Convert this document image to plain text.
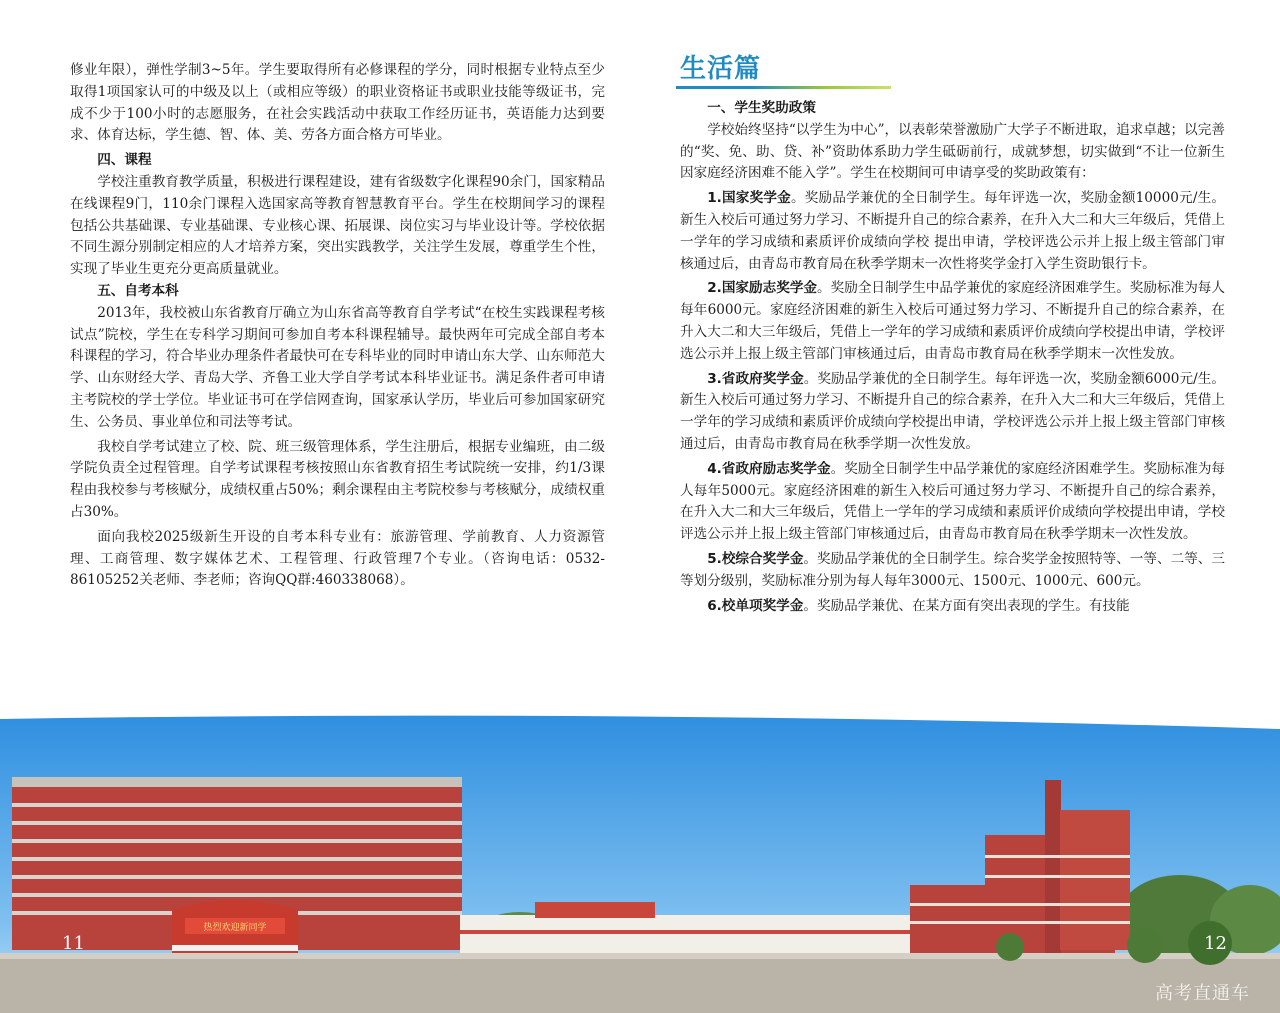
修业年限），弹性学制3~5年。学生要取得所有必修课程的学分，同时根据专业特点至少取得1项国家认可的中级及以上（或相应等级）的职业资格证书或职业技能等级证书，完成不少于100小时的志愿服务，在社会实践活动中获取工作经历证书，英语能力达到要求、体育达标，学生德、智、体、美、劳各方面合格方可毕业。

四、课程

学校注重教育教学质量，积极进行课程建设，建有省级数字化课程90余门，国家精品在线课程9门，110余门课程入选国家高等教育智慧教育平台。学生在校期间学习的课程包括公共基础课、专业基础课、专业核心课、拓展课、岗位实习与毕业设计等。学校依据不同生源分别制定相应的人才培养方案，突出实践教学，关注学生发展，尊重学生个性，实现了毕业生更充分更高质量就业。

五、自考本科

2013年，我校被山东省教育厅确立为山东省高等教育自学考试“在校生实践课程考核试点”院校，学生在专科学习期间可参加自考本科课程辅导。最快两年可完成全部自考本科课程的学习，符合毕业办理条件者最快可在专科毕业的同时申请山东大学、山东师范大学、山东财经大学、青岛大学、齐鲁工业大学自学考试本科毕业证书。满足条件者可申请主考院校的学士学位。毕业证书可在学信网查询，国家承认学历，毕业后可参加国家研究生、公务员、事业单位和司法等考试。

我校自学考试建立了校、院、班三级管理体系，学生注册后，根据专业编班，由二级学院负责全过程管理。自学考试课程考核按照山东省教育招生考试院统一安排，约1/3课程由我校参与考核赋分，成绩权重占50%；剩余课程由主考院校参与考核赋分，成绩权重占30%。

面向我校2025级新生开设的自考本科专业有：旅游管理、学前教育、人力资源管理、工商管理、数字媒体艺术、工程管理、行政管理7个专业。（咨询电话：0532-86105252关老师、李老师；咨询QQ群:460338068）。

生活篇

一、学生奖助政策

学校始终坚持“以学生为中心”，以表彰荣誉激励广大学子不断进取，追求卓越；以完善的“奖、免、助、贷、补”资助体系助力学生砥砺前行，成就梦想，切实做到“不让一位新生因家庭经济困难不能入学”。学生在校期间可申请享受的奖助政策有：

1.国家奖学金。奖励品学兼优的全日制学生。每年评选一次，奖励金额10000元/生。新生入校后可通过努力学习、不断提升自己的综合素养，在升入大二和大三年级后，凭借上一学年的学习成绩和素质评价成绩向学校 提出申请，学校评选公示并上报上级主管部门审核通过后，由青岛市教育局在秋季学期末一次性将奖学金打入学生资助银行卡。

2.国家励志奖学金。奖励全日制学生中品学兼优的家庭经济困难学生。奖励标准为每人每年6000元。家庭经济困难的新生入校后可通过努力学习、不断提升自己的综合素养，在升入大二和大三年级后，凭借上一学年的学习成绩和素质评价成绩向学校提出申请，学校评选公示并上报上级主管部门审核通过后，由青岛市教育局在秋季学期末一次性发放。

3.省政府奖学金。奖励品学兼优的全日制学生。每年评选一次，奖励金额6000元/生。新生入校后可通过努力学习、不断提升自己的综合素养，在升入大二和大三年级后，凭借上一学年的学习成绩和素质评价成绩向学校提出申请，学校评选公示并上报上级主管部门审核通过后，由青岛市教育局在秋季学期一次性发放。

4.省政府励志奖学金。奖励全日制学生中品学兼优的家庭经济困难学生。奖励标准为每人每年5000元。家庭经济困难的新生入校后可通过努力学习、不断提升自己的综合素养，在升入大二和大三年级后，凭借上一学年的学习成绩和素质评价成绩向学校提出申请，学校评选公示并上报上级主管部门审核通过后，由青岛市教育局在秋季学期末一次性发放。

5.校综合奖学金。奖励品学兼优的全日制学生。综合奖学金按照特等、一等、二等、三等划分级别，奖励标准分别为每人每年3000元、1500元、1000元、600元。

6.校单项奖学金。奖励品学兼优、在某方面有突出表现的学生。有技能

热烈欢迎新同学
11	12
高考直通车
